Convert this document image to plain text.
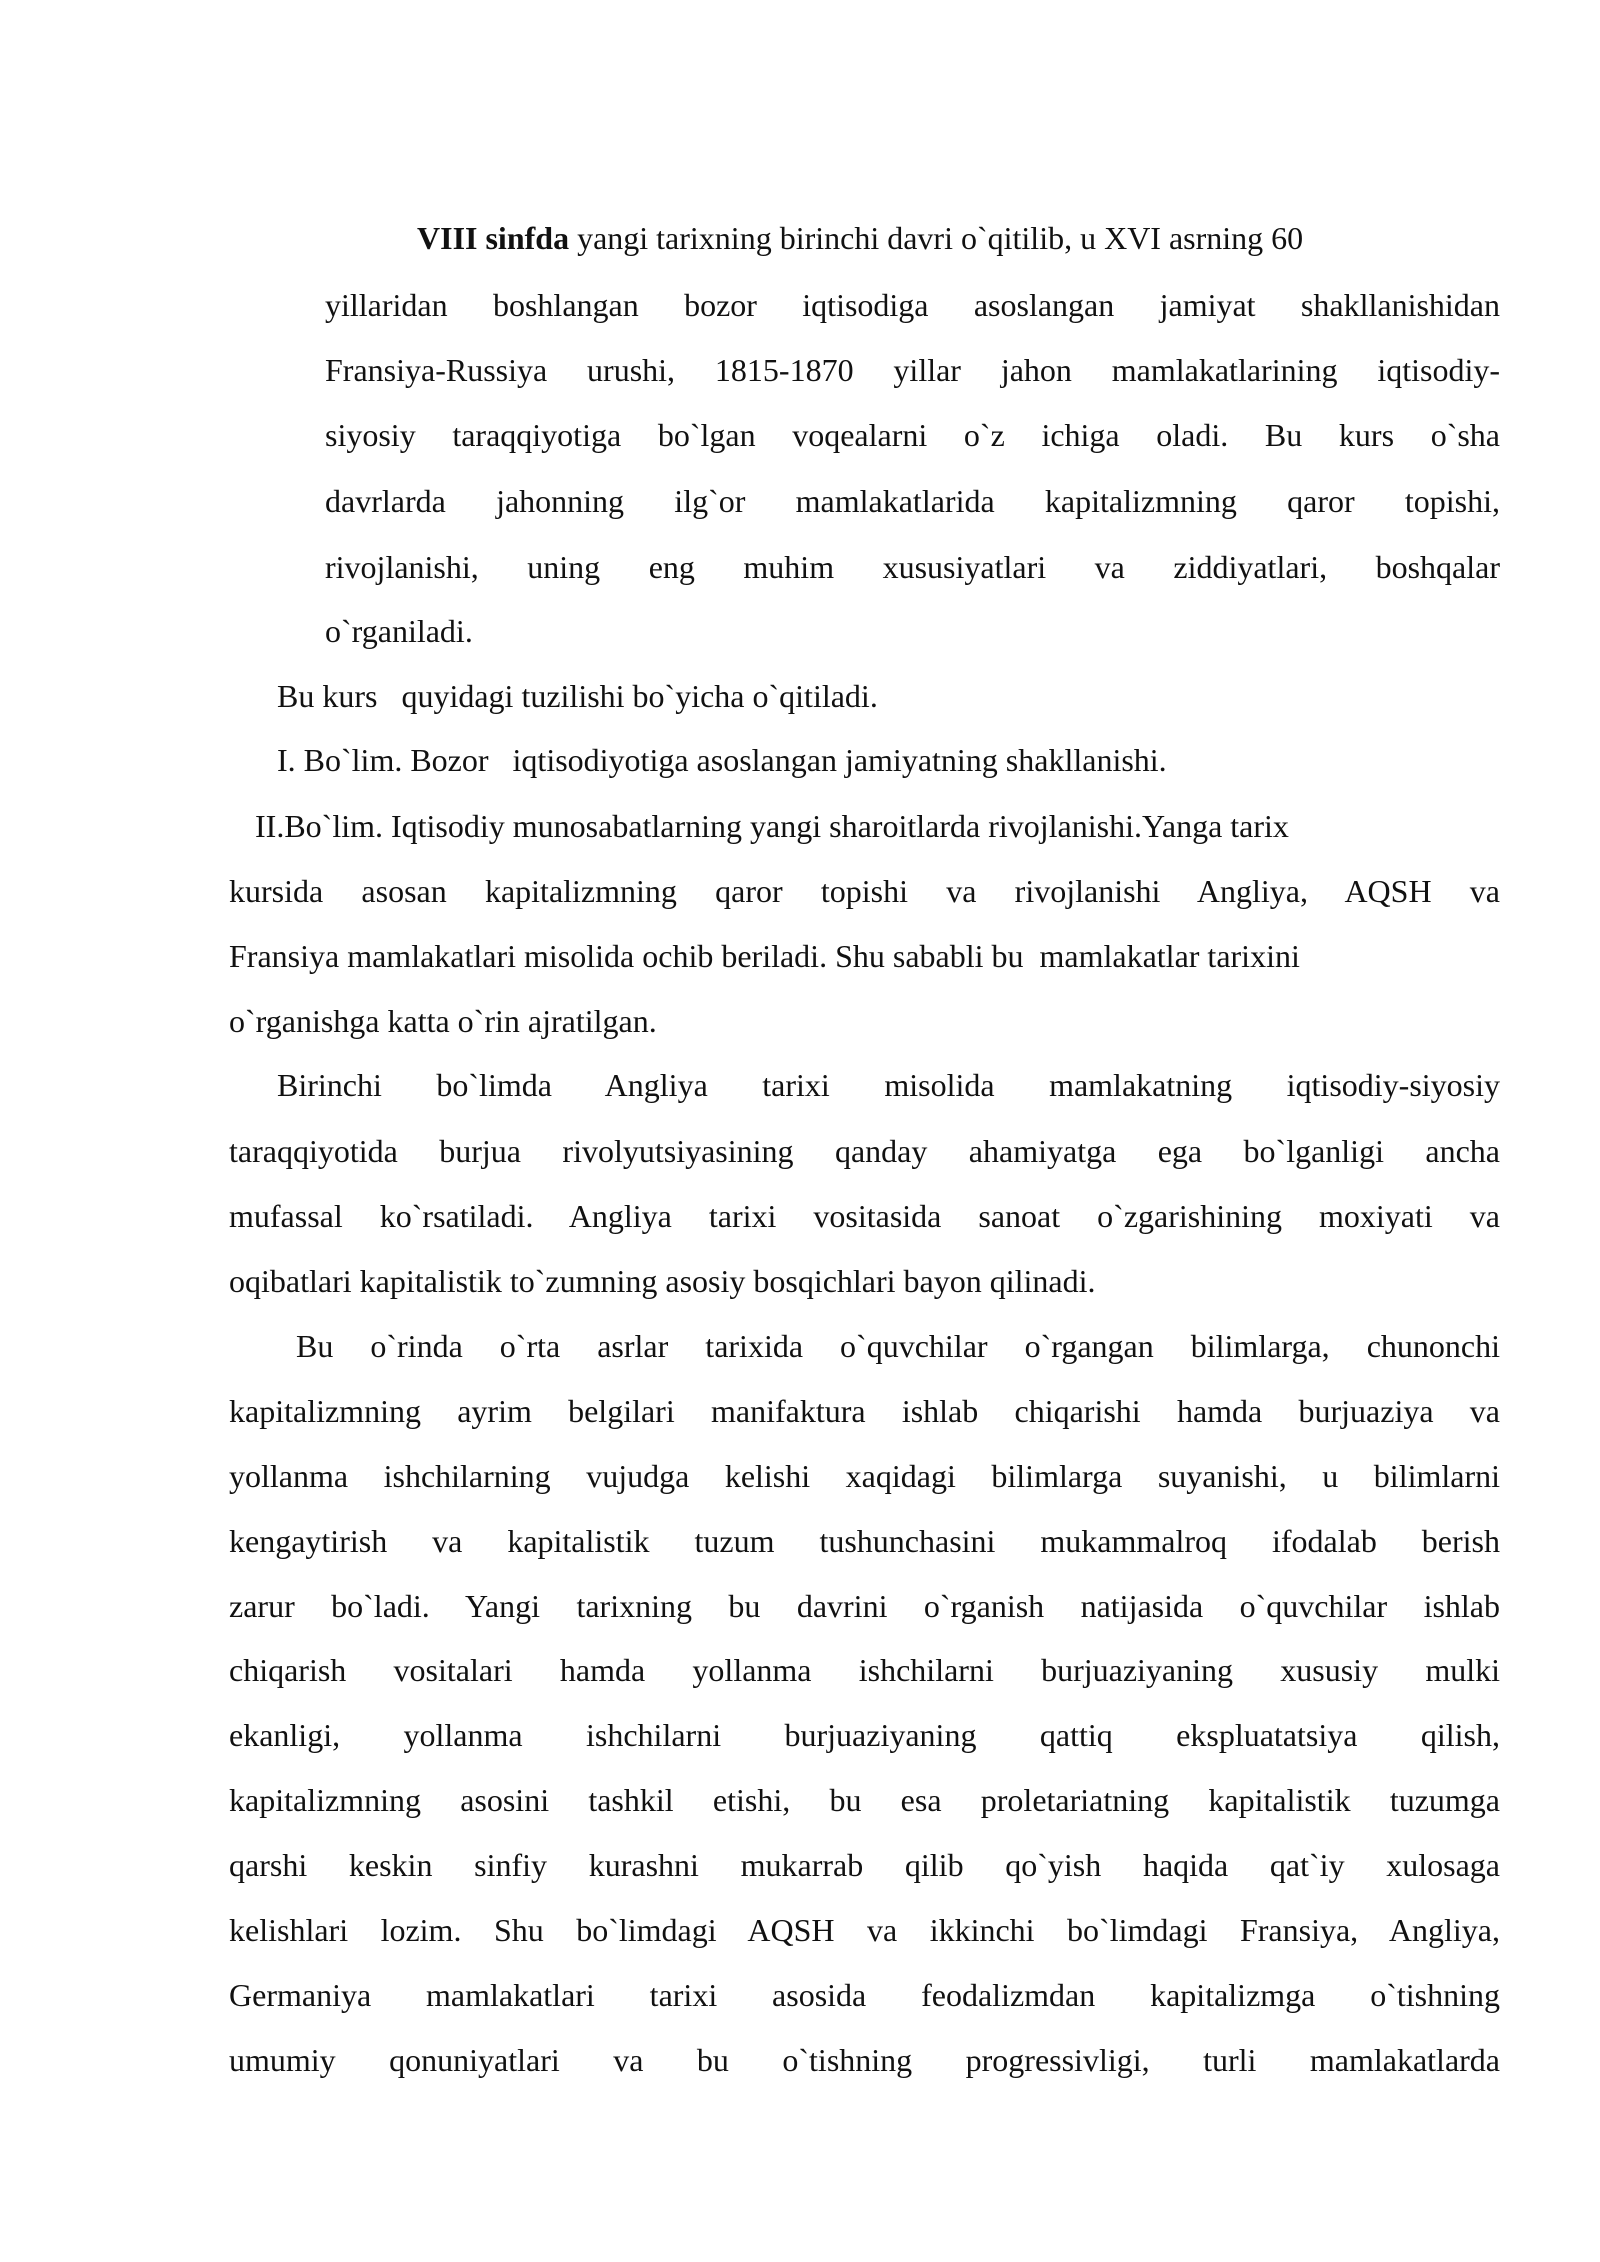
VIII sinfda yangi tarixning birinchi davri o`qitilib, u XVI asrning 60
yillaridan boshlangan bozor iqtisodiga asoslangan jamiyat shakllanishidan
Fransiya-Russiya urushi, 1815-1870 yillar jahon mamlakatlarining iqtisodiy-
siyosiy taraqqiyotiga bo`lgan voqealarni o`z ichiga oladi. Bu kurs o`sha
davrlarda jahonning ilg`or mamlakatlarida kapitalizmning qaror topishi,
rivojlanishi, uning eng muhim xususiyatlari va ziddiyatlari, boshqalar
o`rganiladi.
Bu kurs   quyidagi tuzilishi bo`yicha o`qitiladi.
I. Bo`lim. Bozor   iqtisodiyotiga asoslangan jamiyatning shakllanishi.
II.Bo`lim. Iqtisodiy munosabatlarning yangi sharoitlarda rivojlanishi.Yanga tarix
kursida asosan kapitalizmning qaror topishi va rivojlanishi Angliya, AQSH va
Fransiya mamlakatlari misolida ochib beriladi. Shu sababli bu  mamlakatlar tarixini
o`rganishga katta o`rin ajratilgan.
Birinchi bo`limda Angliya tarixi misolida mamlakatning iqtisodiy-siyosiy
taraqqiyotida burjua rivolyutsiyasining qanday ahamiyatga ega bo`lganligi ancha
mufassal ko`rsatiladi. Angliya tarixi vositasida sanoat o`zgarishining moxiyati va
oqibatlari kapitalistik to`zumning asosiy bosqichlari bayon qilinadi.
Bu o`rinda o`rta asrlar tarixida o`quvchilar o`rgangan bilimlarga, chunonchi
kapitalizmning ayrim belgilari manifaktura ishlab chiqarishi hamda burjuaziya va
yollanma ishchilarning vujudga kelishi xaqidagi bilimlarga suyanishi, u bilimlarni
kengaytirish va kapitalistik tuzum tushunchasini mukammalroq ifodalab berish
zarur bo`ladi. Yangi tarixning bu davrini o`rganish natijasida o`quvchilar ishlab
chiqarish vositalari hamda yollanma ishchilarni burjuaziyaning xususiy mulki
ekanligi, yollanma ishchilarni burjuaziyaning qattiq ekspluatatsiya qilish,
kapitalizmning asosini tashkil etishi, bu esa proletariatning kapitalistik tuzumga
qarshi keskin sinfiy kurashni mukarrab qilib qo`yish haqida qat`iy xulosaga
kelishlari lozim. Shu bo`limdagi AQSH va ikkinchi bo`limdagi Fransiya, Angliya,
Germaniya mamlakatlari tarixi asosida feodalizmdan kapitalizmga o`tishning
umumiy qonuniyatlari va bu o`tishning progressivligi, turli mamlakatlarda
